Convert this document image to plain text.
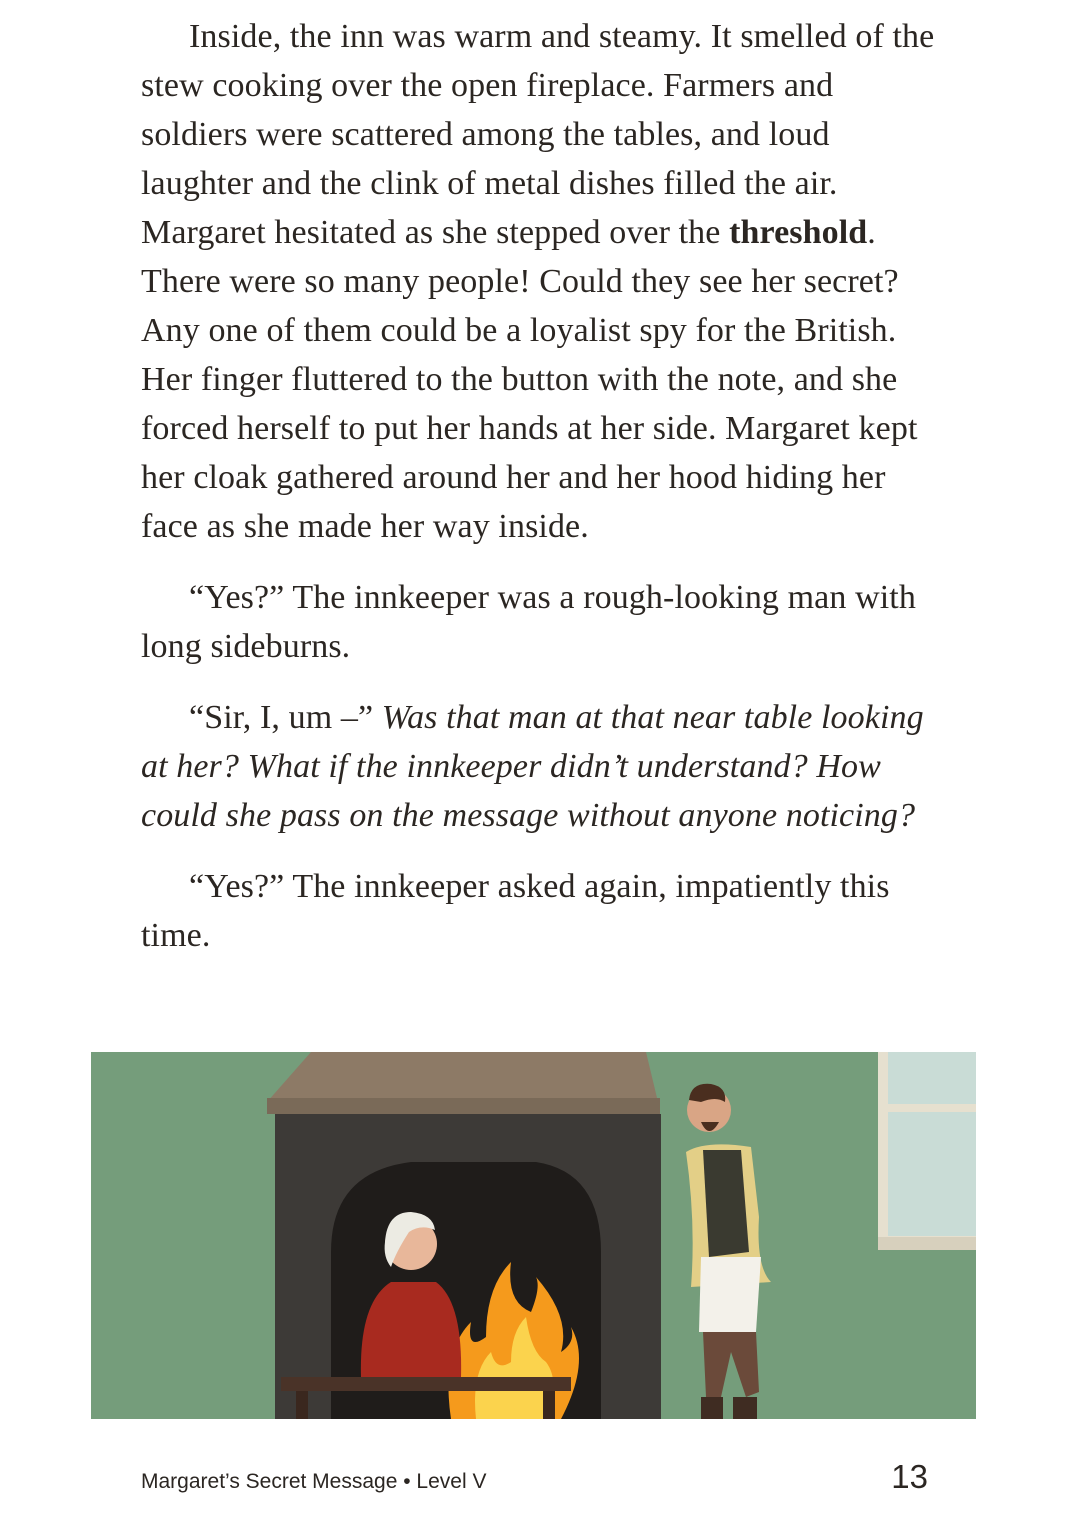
Inside, the inn was warm and steamy. It smelled of the stew cooking over the open fireplace. Farmers and soldiers were scattered among the tables, and loud laughter and the clink of metal dishes filled the air. Margaret hesitated as she stepped over the threshold. There were so many people! Could they see her secret? Any one of them could be a loyalist spy for the British. Her finger fluttered to the button with the note, and she forced herself to put her hands at her side. Margaret kept her cloak gathered around her and her hood hiding her face as she made her way inside.

“Yes?” The innkeeper was a rough-looking man with long sideburns.

“Sir, I, um –” Was that man at that near table looking at her? What if the innkeeper didn’t understand? How could she pass on the message without anyone noticing?

“Yes?” The innkeeper asked again, impatiently this time.

Margaret’s Secret Message • Level V	13
